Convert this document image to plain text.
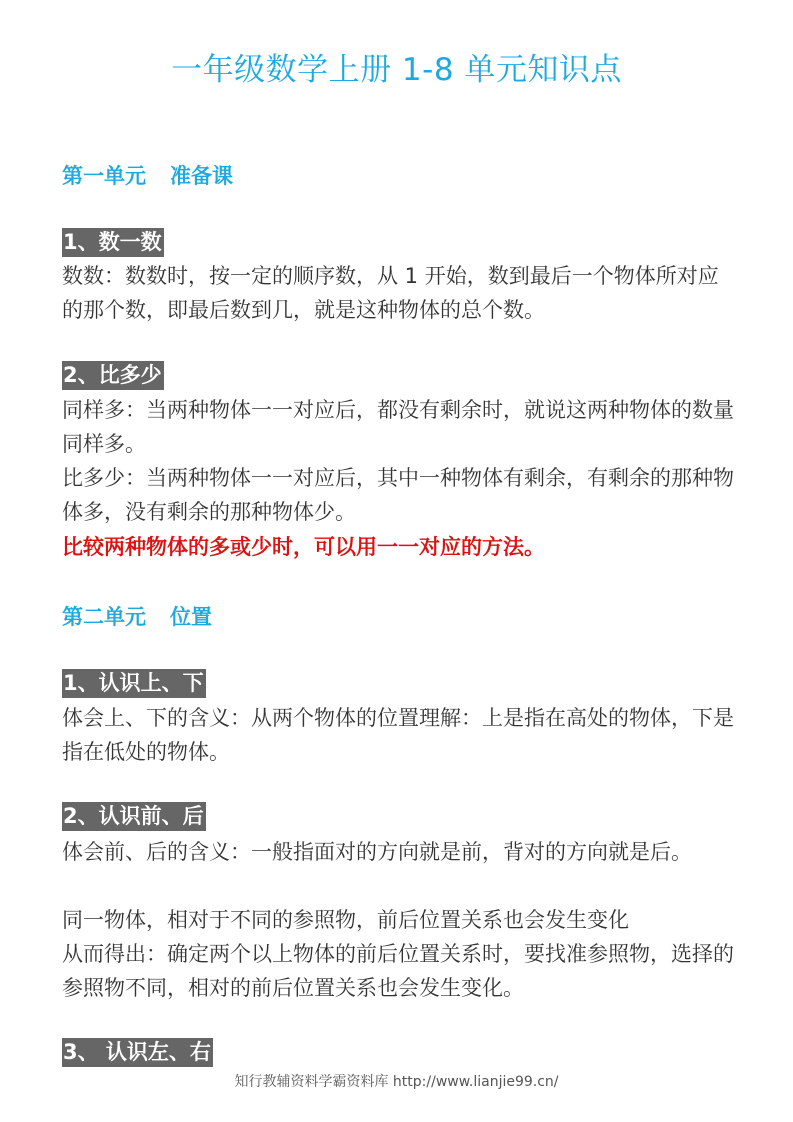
一年级数学上册 1-8 单元知识点
第一单元 准备课
1、数一数
数数：数数时，按一定的顺序数，从 1 开始，数到最后一个物体所对应的那个数，即最后数到几，就是这种物体的总个数。
2、比多少
同样多：当两种物体一一对应后，都没有剩余时，就说这两种物体的数量同样多。
比多少：当两种物体一一对应后，其中一种物体有剩余，有剩余的那种物体多，没有剩余的那种物体少。
比较两种物体的多或少时，可以用一一对应的方法。
第二单元 位置
1、认识上、下
体会上、下的含义：从两个物体的位置理解：上是指在高处的物体，下是指在低处的物体。
2、认识前、后
体会前、后的含义：一般指面对的方向就是前，背对的方向就是后。
同一物体，相对于不同的参照物，前后位置关系也会发生变化
从而得出：确定两个以上物体的前后位置关系时，要找准参照物，选择的参照物不同，相对的前后位置关系也会发生变化。
3、 认识左、右
知行教辅资料学霸资料库 http://www.lianjie99.cn/
